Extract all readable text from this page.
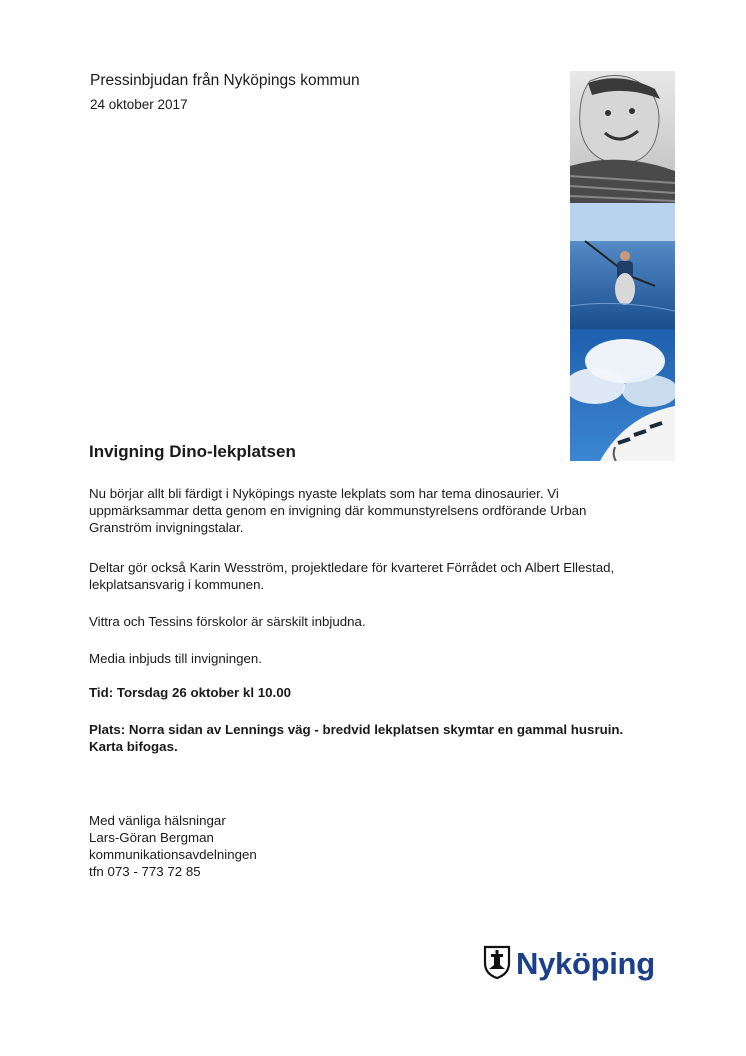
Pressinbjudan från Nyköpings kommun
24 oktober 2017
Invigning Dino-lekplatsen
Nu börjar allt bli färdigt i Nyköpings nyaste lekplats som har tema dinosaurier. Vi uppmärksammar detta genom en invigning där kommunstyrelsens ordförande Urban Granström invigningstalar.
Deltar gör också Karin Wesström, projektledare för kvarteret Förrådet och Albert Ellestad, lekplatsansvarig i kommunen.
Vittra och Tessins förskolor är särskilt inbjudna.
Media inbjuds till invigningen.
Tid: Torsdag 26 oktober kl 10.00
Plats: Norra sidan av Lennings väg - bredvid lekplatsen skymtar en gammal husruin. Karta bifogas.
Med vänliga hälsningar
Lars-Göran Bergman
kommunikationsavdelningen
tfn 073 - 773 72 85
Nyköping
